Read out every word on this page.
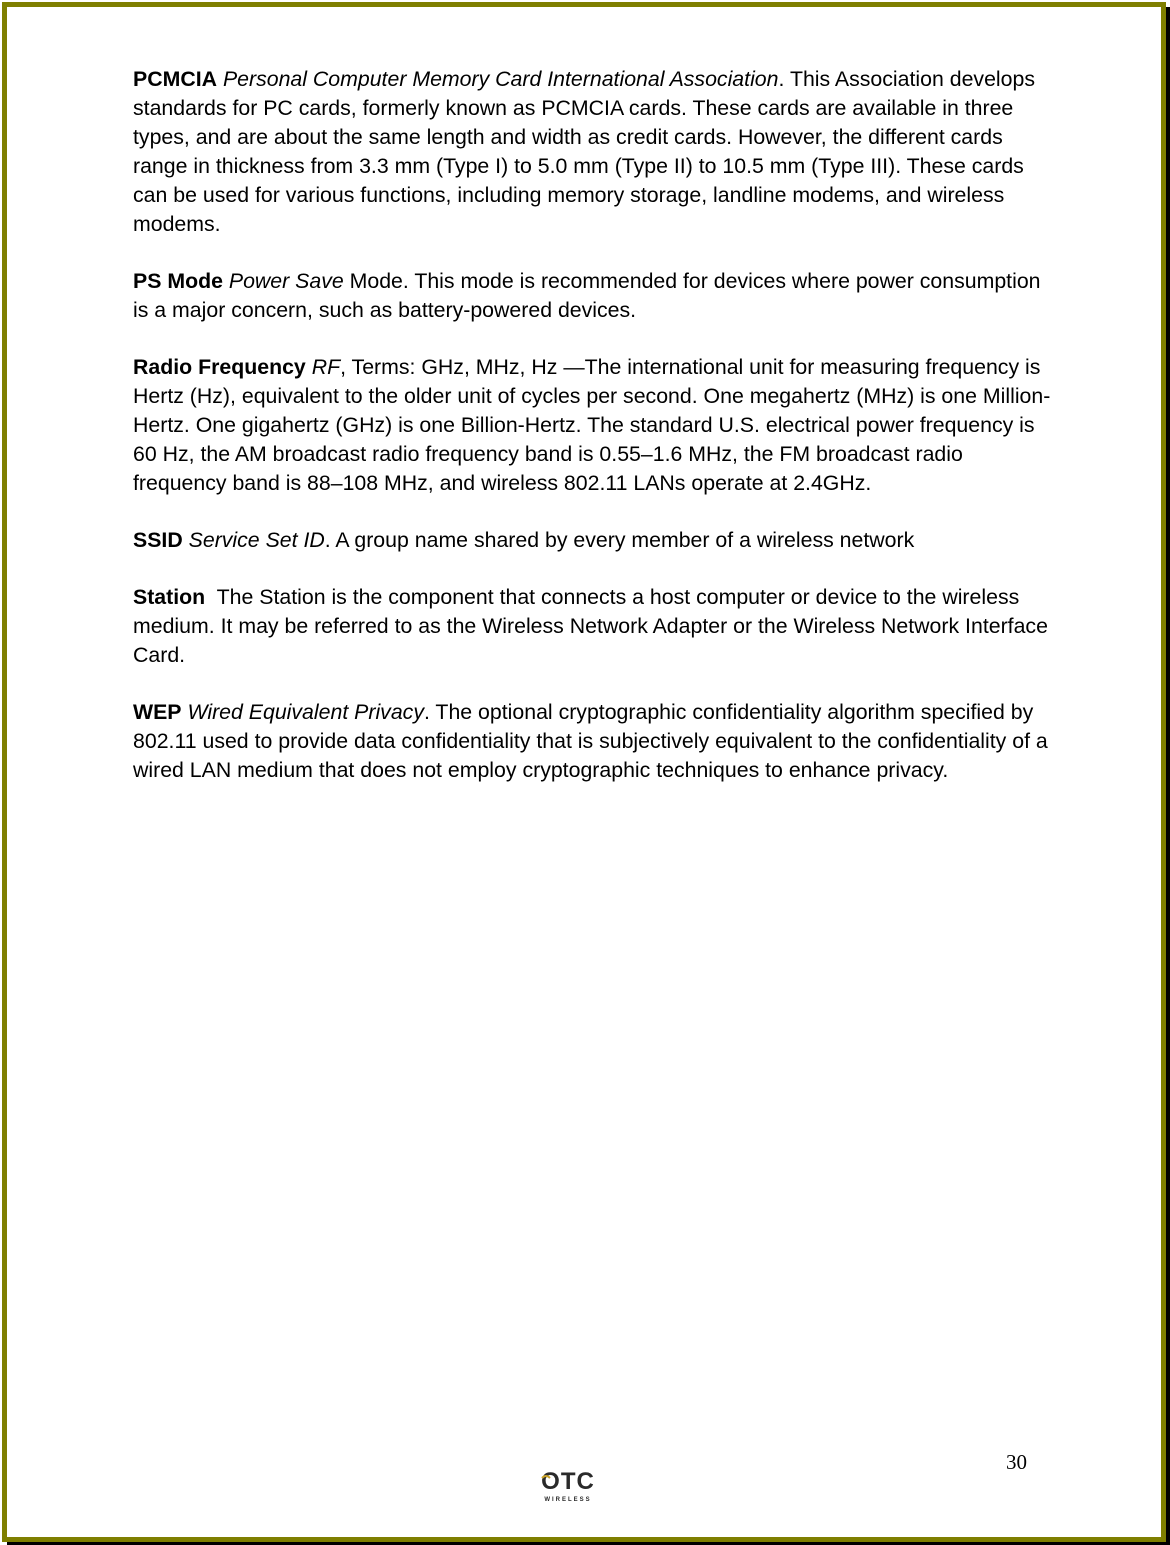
PCMCIA Personal Computer Memory Card International Association. This Association develops standards for PC cards, formerly known as PCMCIA cards. These cards are available in three types, and are about the same length and width as credit cards. However, the different cards range in thickness from 3.3 mm (Type I) to 5.0 mm (Type II) to 10.5 mm (Type III). These cards can be used for various functions, including memory storage, landline modems, and wireless modems.

PS Mode Power Save Mode. This mode is recommended for devices where power consumption is a major concern, such as battery-powered devices.

Radio Frequency RF, Terms: GHz, MHz, Hz —The international unit for measuring frequency is Hertz (Hz), equivalent to the older unit of cycles per second. One megahertz (MHz) is one Million-Hertz. One gigahertz (GHz) is one Billion-Hertz. The standard U.S. electrical power frequency is 60 Hz, the AM broadcast radio frequency band is 0.55–1.6 MHz, the FM broadcast radio frequency band is 88–108 MHz, and wireless 802.11 LANs operate at 2.4GHz.

SSID Service Set ID. A group name shared by every member of a wireless network

Station  The Station is the component that connects a host computer or device to the wireless medium. It may be referred to as the Wireless Network Adapter or the Wireless Network Interface Card.

WEP Wired Equivalent Privacy. The optional cryptographic confidentiality algorithm specified by 802.11 used to provide data confidentiality that is subjectively equivalent to the confidentiality of a wired LAN medium that does not employ cryptographic techniques to enhance privacy.

30
OTC
WIRELESS
